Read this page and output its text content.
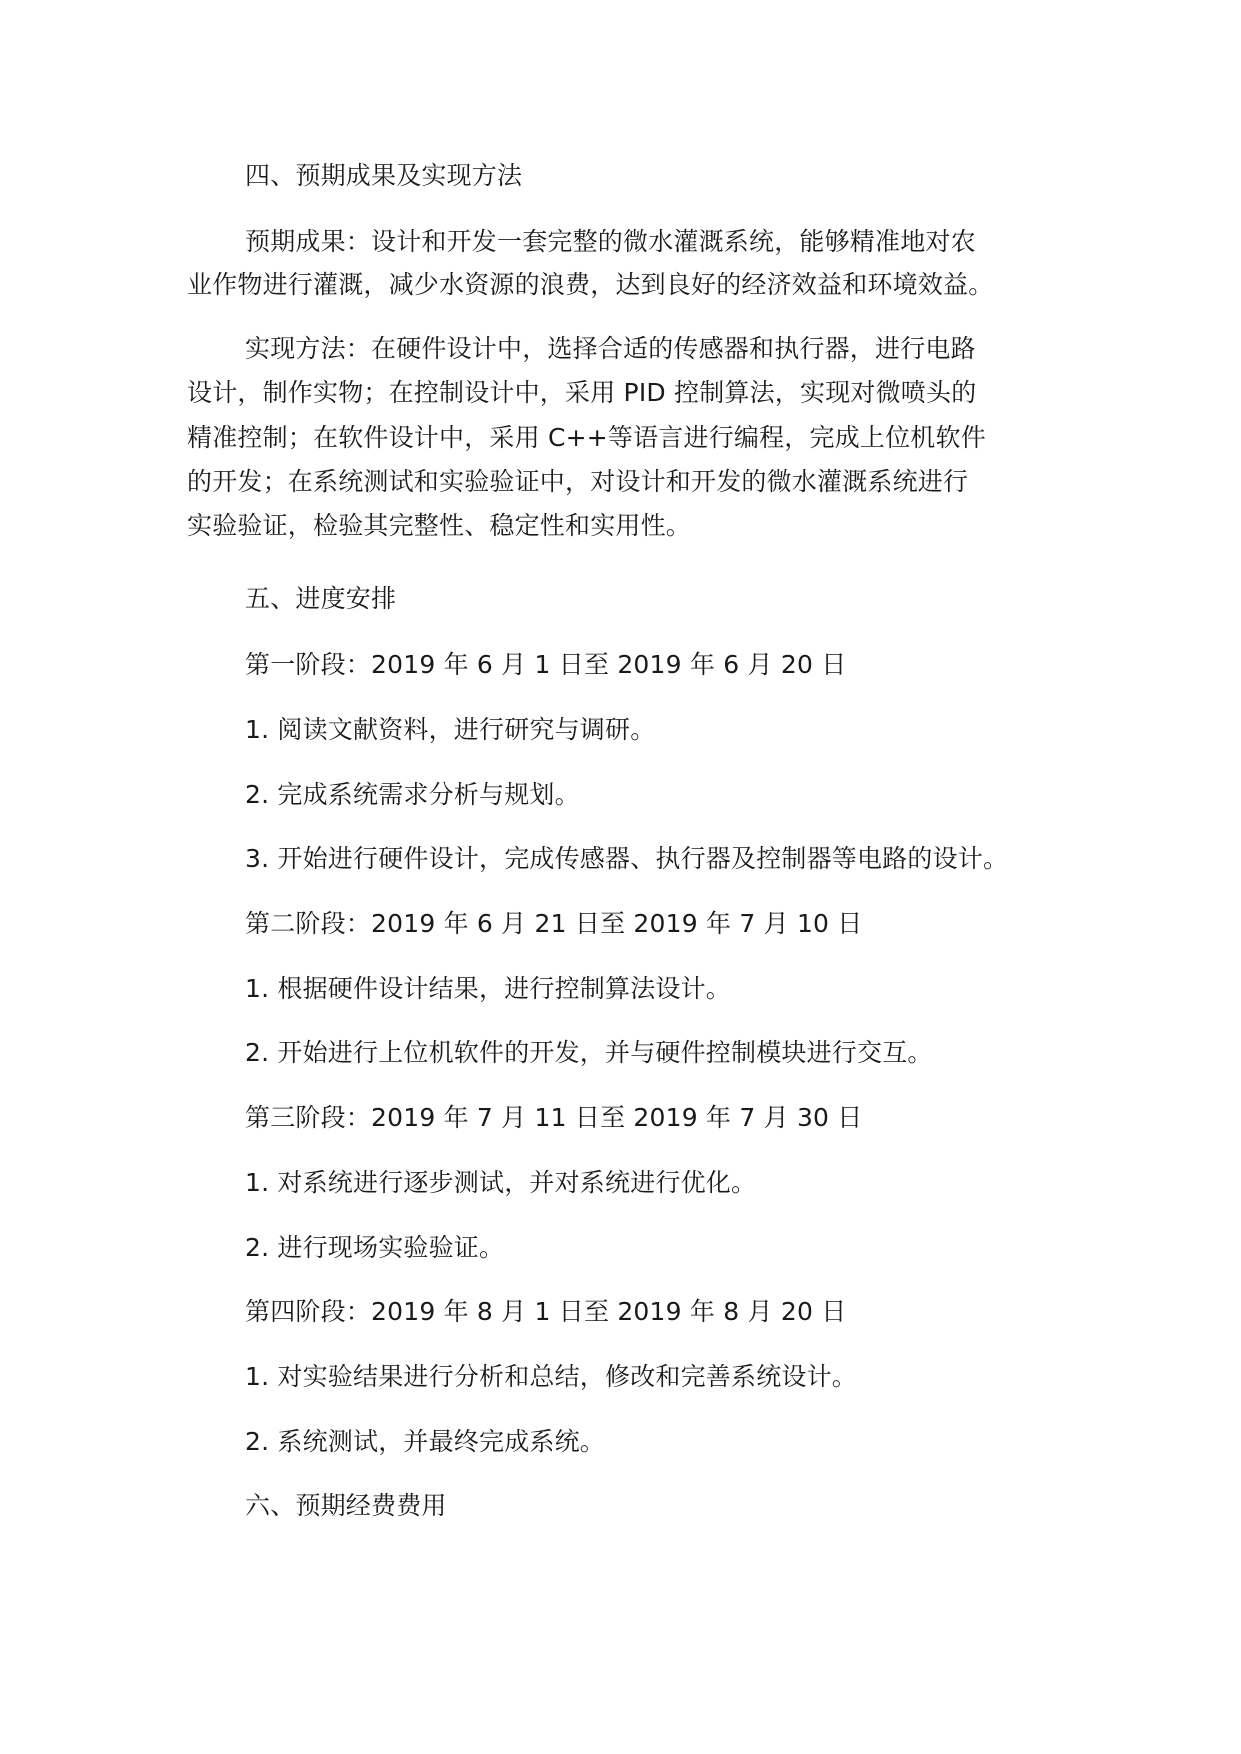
四、预期成果及实现方法
预期成果：设计和开发一套完整的微水灌溉系统，能够精准地对农
业作物进行灌溉，减少水资源的浪费，达到良好的经济效益和环境效益。
实现方法：在硬件设计中，选择合适的传感器和执行器，进行电路
设计，制作实物；在控制设计中，采用 PID 控制算法，实现对微喷头的
精准控制；在软件设计中，采用 C++等语言进行编程，完成上位机软件
的开发；在系统测试和实验验证中，对设计和开发的微水灌溉系统进行
实验验证，检验其完整性、稳定性和实用性。
五、进度安排
第一阶段：2019 年 6 月 1 日至 2019 年 6 月 20 日
1. 阅读文献资料，进行研究与调研。
2. 完成系统需求分析与规划。
3. 开始进行硬件设计，完成传感器、执行器及控制器等电路的设计。
第二阶段：2019 年 6 月 21 日至 2019 年 7 月 10 日
1. 根据硬件设计结果，进行控制算法设计。
2. 开始进行上位机软件的开发，并与硬件控制模块进行交互。
第三阶段：2019 年 7 月 11 日至 2019 年 7 月 30 日
1. 对系统进行逐步测试，并对系统进行优化。
2. 进行现场实验验证。
第四阶段：2019 年 8 月 1 日至 2019 年 8 月 20 日
1. 对实验结果进行分析和总结，修改和完善系统设计。
2. 系统测试，并最终完成系统。
六、预期经费费用
